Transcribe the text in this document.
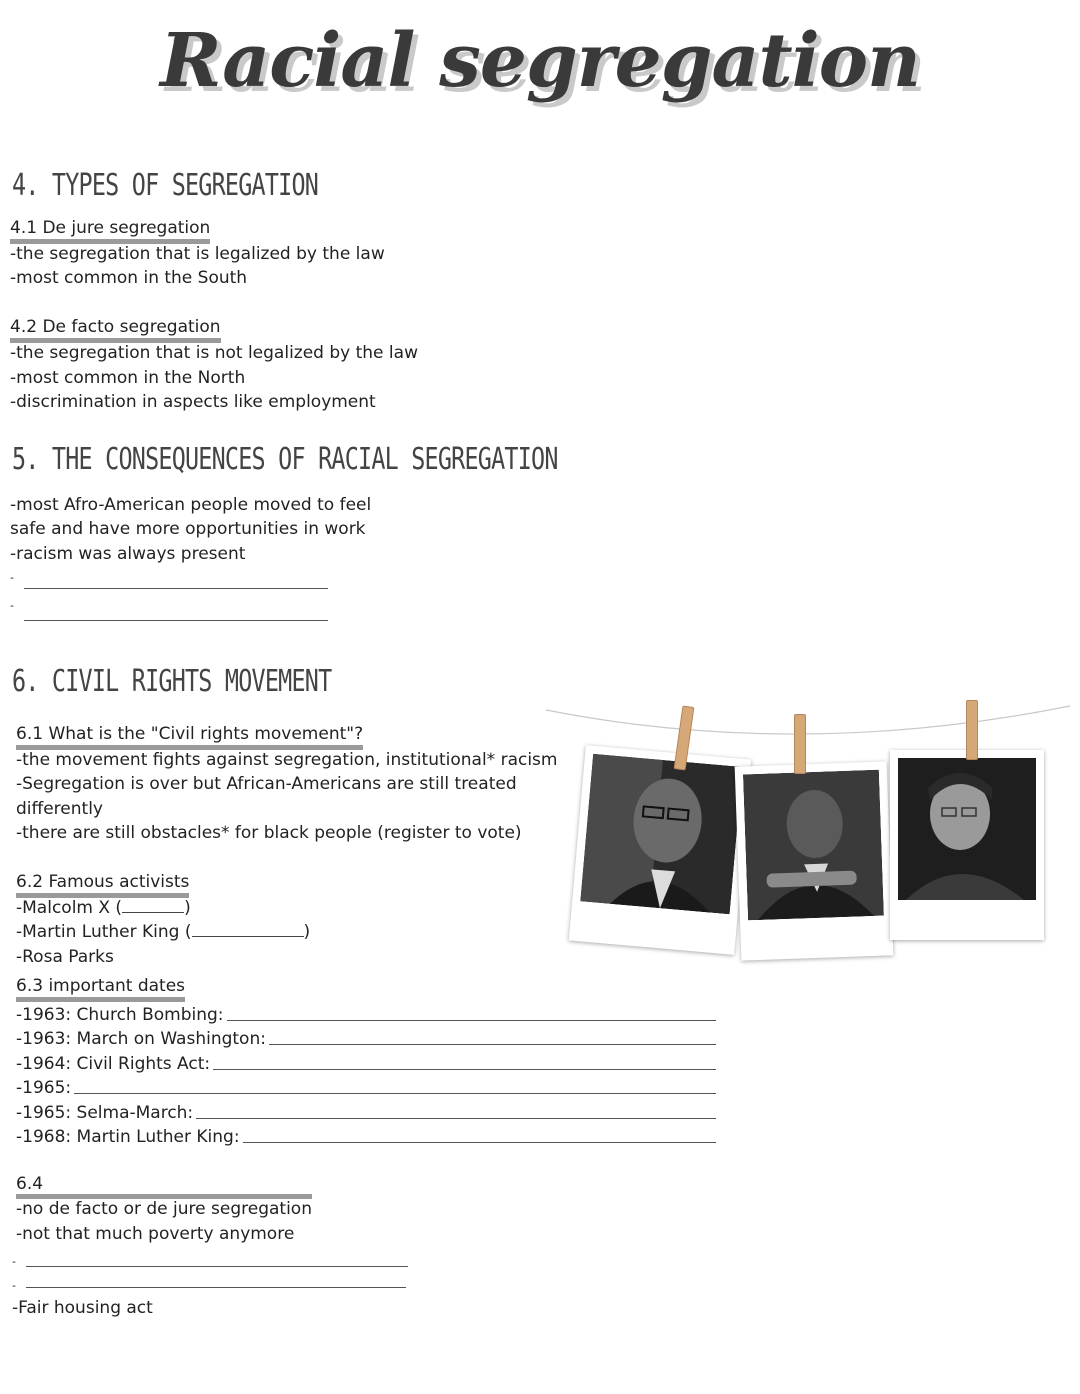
Racial segregation
4. TYPES OF SEGREGATION
4.1 De jure segregation
-the segregation that is legalized by the law
-most common in the South
4.2 De facto segregation
-the segregation that is not legalized by the law
-most common in the North
-discrimination in aspects like employment
5. THE CONSEQUENCES OF RACIAL SEGREGATION
-most Afro-American people moved to feel
safe and have more opportunities in work
-racism was always present
-
-
6. CIVIL RIGHTS MOVEMENT
6.1 What is the "Civil rights movement"?
-the movement fights against segregation, institutional* racism
-Segregation is over but African-Americans are still treated
differently
-there are still obstacles* for black people (register to vote)
6.2 Famous activists
-Malcolm X (	)
-Martin Luther King (	)
-Rosa Parks
6.3 important dates
-1963: Church Bombing:
-1963: March on Washington:
-1964: Civil Rights Act:
-1965:
-1965: Selma-March:
-1968: Martin Luther King:
6.4
-no de facto or de jure segregation
-not that much poverty anymore
-
-
-Fair housing act
